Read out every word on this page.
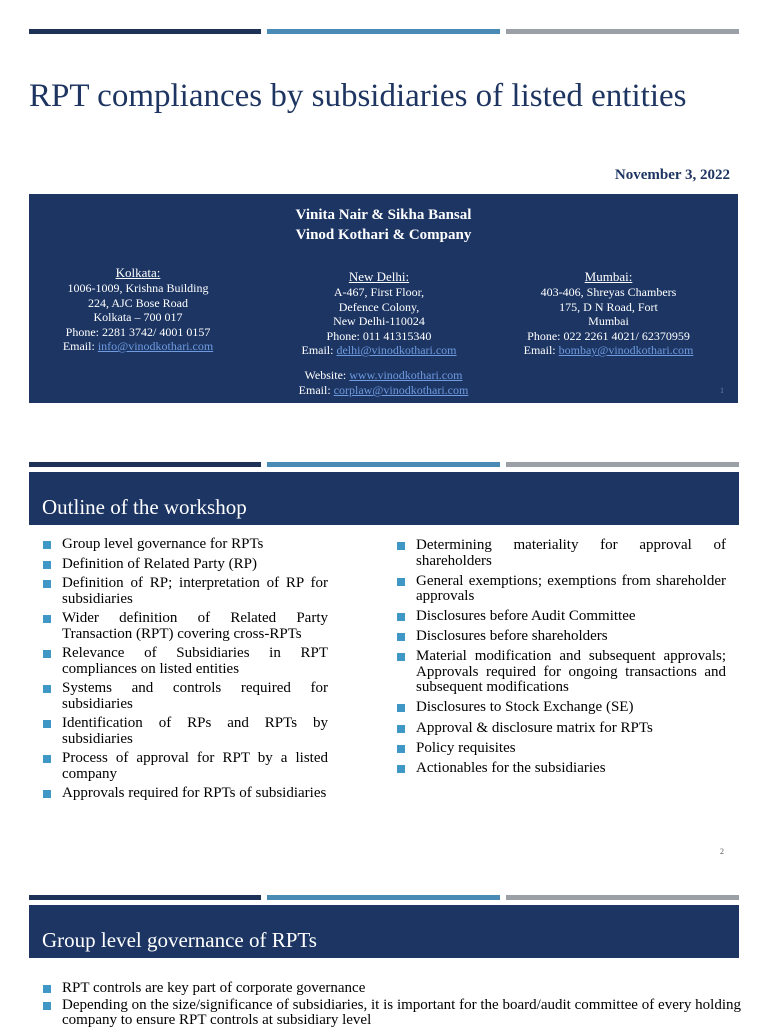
RPT compliances by subsidiaries of listed entities
November 3, 2022
Vinita Nair & Sikha Bansal
Vinod Kothari & Company
Kolkata:
1006-1009, Krishna Building
224, AJC Bose Road
Kolkata – 700 017
Phone: 2281 3742/ 4001 0157
Email: info@vinodkothari.com
New Delhi:
A-467, First Floor,
Defence Colony,
New Delhi-110024
Phone: 011 41315340
Email: delhi@vinodkothari.com
Mumbai:
403-406, Shreyas Chambers
175, D N Road, Fort
Mumbai
Phone: 022 2261 4021/ 62370959
Email: bombay@vinodkothari.com
Website: www.vinodkothari.com
Email: corplaw@vinodkothari.com	1
Outline of the workshop
Group level governance for RPTs
Definition of Related Party (RP)
Definition of RP; interpretation of RP for subsidiaries
Wider definition of Related Party Transaction (RPT) covering cross-RPTs
Relevance of Subsidiaries in RPT compliances on listed entities
Systems and controls required for subsidiaries
Identification of RPs and RPTs by subsidiaries
Process of approval for RPT by a listed company
Approvals required for RPTs of subsidiaries
Determining materiality for approval of shareholders
General exemptions; exemptions from shareholder approvals
Disclosures before Audit Committee
Disclosures before shareholders
Material modification and subsequent approvals; Approvals required for ongoing transactions and subsequent modifications
Disclosures to Stock Exchange (SE)
Approval & disclosure matrix for RPTs
Policy requisites
Actionables for the subsidiaries
2
Group level governance of RPTs
RPT controls are key part of corporate governance
Depending on the size/significance of subsidiaries, it is important for the board/audit committee of every holding company to ensure RPT controls at subsidiary level
